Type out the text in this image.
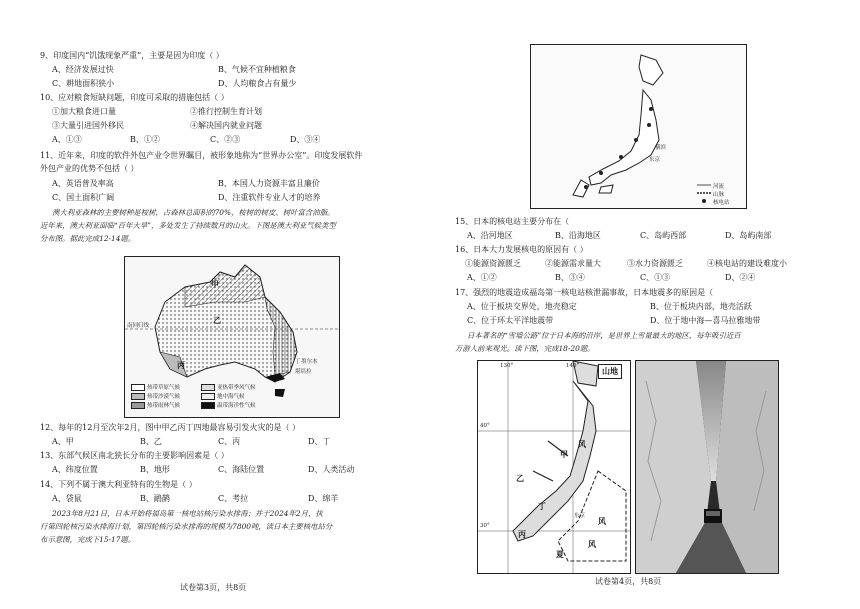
9、印度国内“饥饿现象严重”，主要是因为印度（ ）
A、经济发展过快	B、气候不宜种植粮食
C、耕地面积狭小	D、人均粮食占有量少
10、应对粮食短缺问题，印度可采取的措施包括（ ）
①加大粮食进口量	②推行控制生育计划
③大量引进国外移民	④解决国内就业问题
A、①③	B、①②	C、②③	D、③④
11、近年来，印度的软件外包产业令世界瞩目，被形象地称为“世界办公室”。印度发展软件
外包产业的优势不包括（ ）
A、英语普及率高	B、本国人力资源丰富且廉价
C、国土面积广阔	D、注重软件专业人才的培养
澳大利亚森林的主要树种是桉树，占森林总面积的70%，桉树的树皮、树叶富含油脂。
近年来，澳大利亚面临“百年大旱”，多处发生了持续数月的山火。下图是澳大利亚气候类型
分布图。据此完成12-14题。
南回归线
甲
乙
丙	丁 墨尔本
堪培拉
热带草原气候	亚热带季风气候
热带沙漠气候	地中海气候
热带雨林气候	温带海洋性气候
12、每年的12月至次年2月，图中甲乙丙丁四地最容易引发火灾的是（ ）
A、甲	B、乙	C、丙	D、丁
13、东部气候区南北狭长分布的主要影响因素是（ ）
A、纬度位置	B、地形	C、海陆位置	D、人类活动
14、下列不属于澳大利亚特有的生物是（ ）
A、袋鼠	B、鸸鹋	C、考拉	D、绵羊
2023年8月21日，日本开始将福岛第一核电站核污染水排海；并于2024年2月，执
行第四轮核污染水排海计划，第四轮核污染水排海的规模为7800吨，读日本主要核电站分
布示意图，完成下15-17题。
试卷第3页，共8页
横滨
东京
河流
山脉
核电站
15、日本的核电站主要分布在（
A、沿河地区	B、沿海地区	C、岛屿西部	D、岛屿南部
16、日本大力发展核电的原因有（ ）
①能源资源匮乏	②能源需求量大	③水力资源匮乏	④核电站的建设难度小
A、①②	B、③④	C、①③	D、②④
17、强烈的地震造成福岛第一核电站核泄漏事故，日本地震多的原因是（
A、位于板块交界处，地壳稳定	B、位于板块内部，地壳活跃
C、位于环太平洋地震带	D、位于地中海—喜马拉雅地带
日本著名的“雪墙公路”位于日本海的沿岸，是世界上雪量最大的地区，每年吸引近百
万游人前来观光。读下图，完成18-20题。
山地
130°	140°
40°
30°
甲
风
乙
丁
东京 风
丙
风
夏
试卷第4页，共8页
